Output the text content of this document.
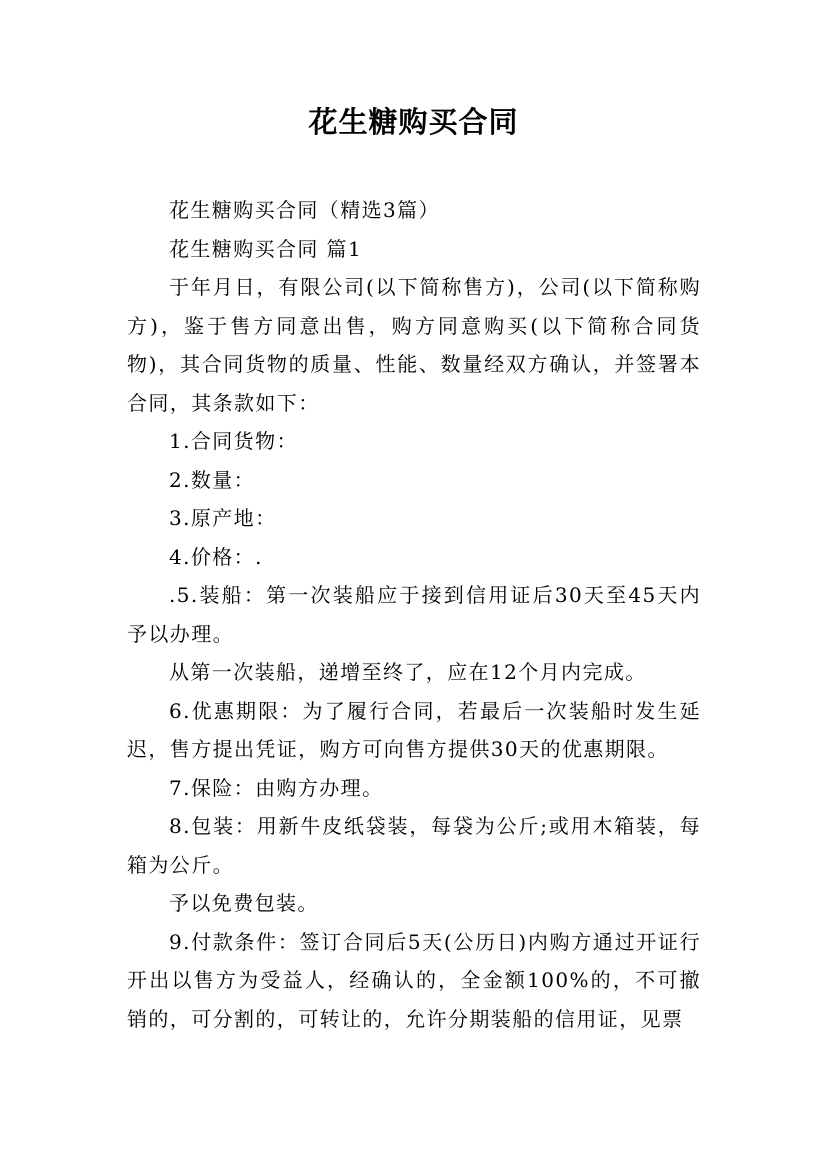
花生糖购买合同

花生糖购买合同（精选3篇）

花生糖购买合同 篇1

于年月日，有限公司(以下简称售方)，公司(以下简称购方)，鉴于售方同意出售，购方同意购买(以下简称合同货物)，其合同货物的质量、性能、数量经双方确认，并签署本合同，其条款如下：

1.合同货物：

2.数量：

3.原产地：

4.价格：.

.5.装船：第一次装船应于接到信用证后30天至45天内予以办理。

从第一次装船，递增至终了，应在12个月内完成。

6.优惠期限：为了履行合同，若最后一次装船时发生延迟，售方提出凭证，购方可向售方提供30天的优惠期限。

7.保险：由购方办理。

8.包装：用新牛皮纸袋装，每袋为公斤;或用木箱装，每箱为公斤。

予以免费包装。

9.付款条件：签订合同后5天(公历日)内购方通过开证行开出以售方为受益人，经确认的，全金额100%的，不可撤销的，可分割的，可转让的，允许分期装船的信用证，见票
